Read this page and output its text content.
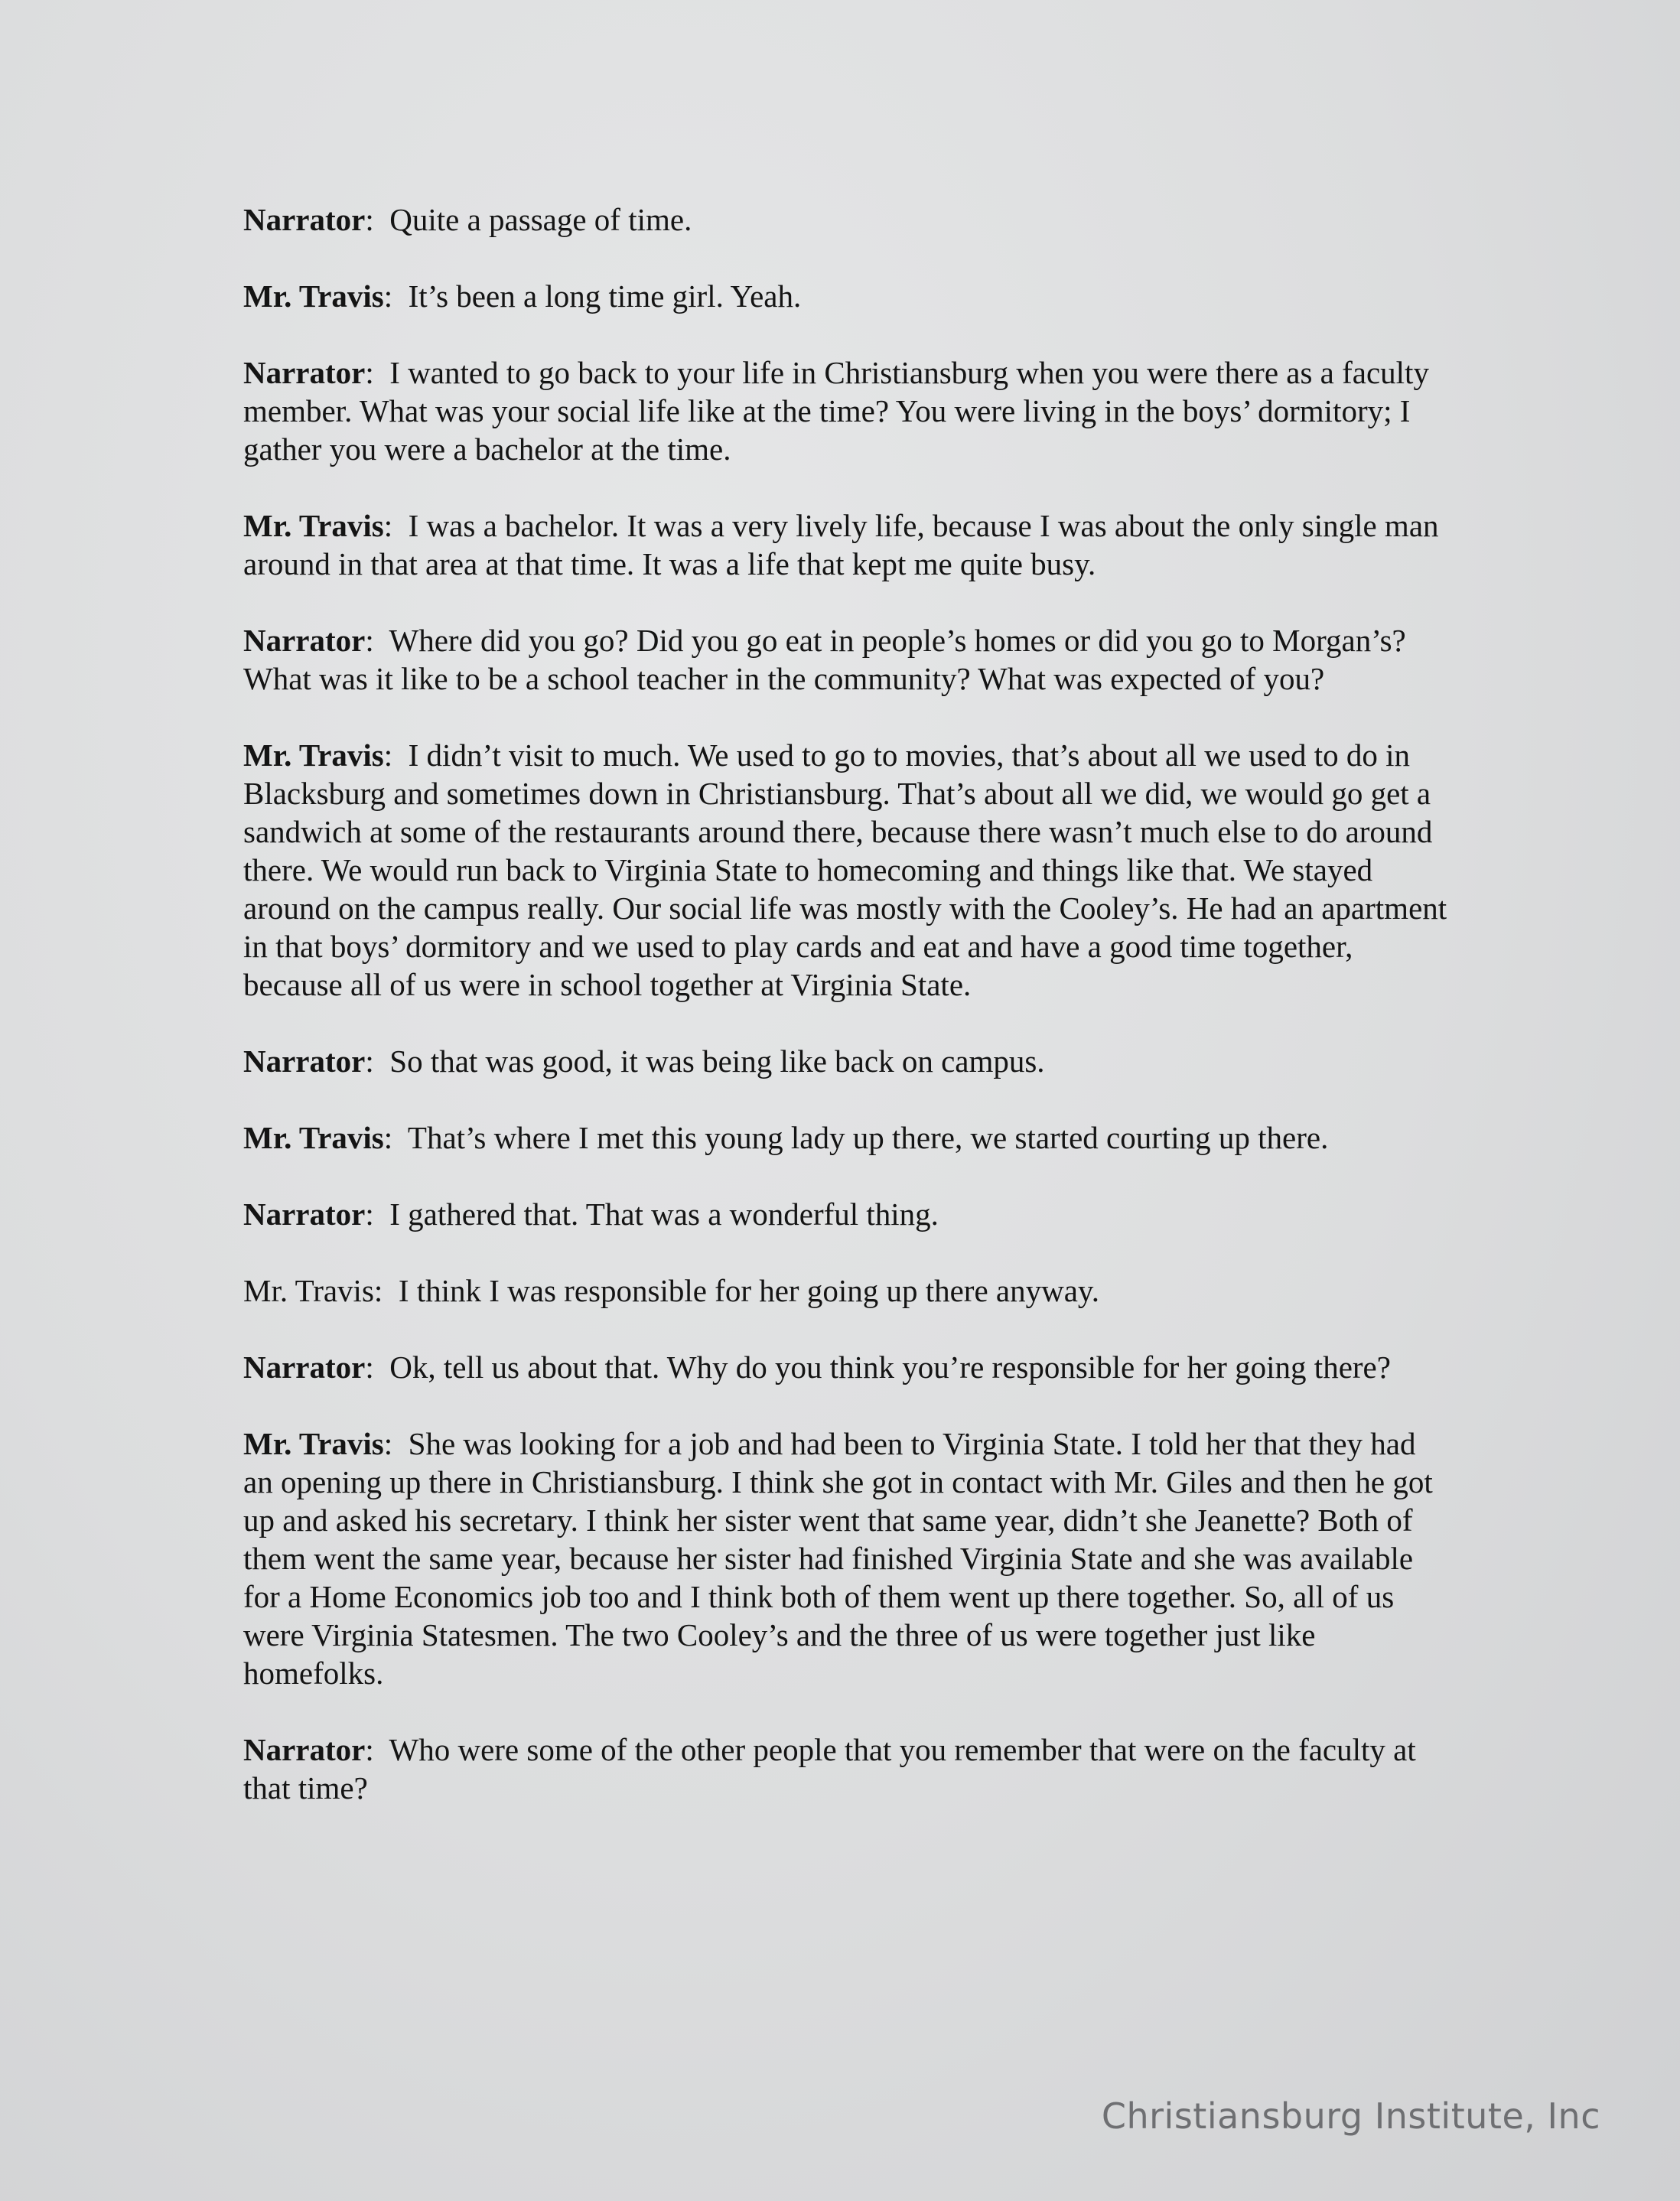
Narrator:  Quite a passage of time.

Mr. Travis:  It’s been a long time girl. Yeah.

Narrator:  I wanted to go back to your life in Christiansburg when you were there as a faculty member. What was your social life like at the time? You were living in the boys’ dormitory; I gather you were a bachelor at the time.

Mr. Travis:  I was a bachelor. It was a very lively life, because I was about the only single man around in that area at that time. It was a life that kept me quite busy.

Narrator:  Where did you go? Did you go eat in people’s homes or did you go to Morgan’s? What was it like to be a school teacher in the community? What was expected of you?

Mr. Travis:  I didn’t visit to much. We used to go to movies, that’s about all we used to do in Blacksburg and sometimes down in Christiansburg. That’s about all we did, we would go get a sandwich at some of the restaurants around there, because there wasn’t much else to do around there. We would run back to Virginia State to homecoming and things like that. We stayed around on the campus really. Our social life was mostly with the Cooley’s. He had an apartment in that boys’ dormitory and we used to play cards and eat and have a good time together, because all of us were in school together at Virginia State.

Narrator:  So that was good, it was being like back on campus.

Mr. Travis:  That’s where I met this young lady up there, we started courting up there.

Narrator:  I gathered that. That was a wonderful thing.

Mr. Travis:  I think I was responsible for her going up there anyway.

Narrator:  Ok, tell us about that. Why do you think you’re responsible for her going there?

Mr. Travis:  She was looking for a job and had been to Virginia State. I told her that they had an opening up there in Christiansburg. I think she got in contact with Mr. Giles and then he got up and asked his secretary. I think her sister went that same year, didn’t she Jeanette? Both of them went the same year, because her sister had finished Virginia State and she was available for a Home Economics job too and I think both of them went up there together. So, all of us were Virginia Statesmen. The two Cooley’s and the three of us were together just like homefolks.

Narrator:  Who were some of the other people that you remember that were on the faculty at that time?

Christiansburg Institute, Inc
